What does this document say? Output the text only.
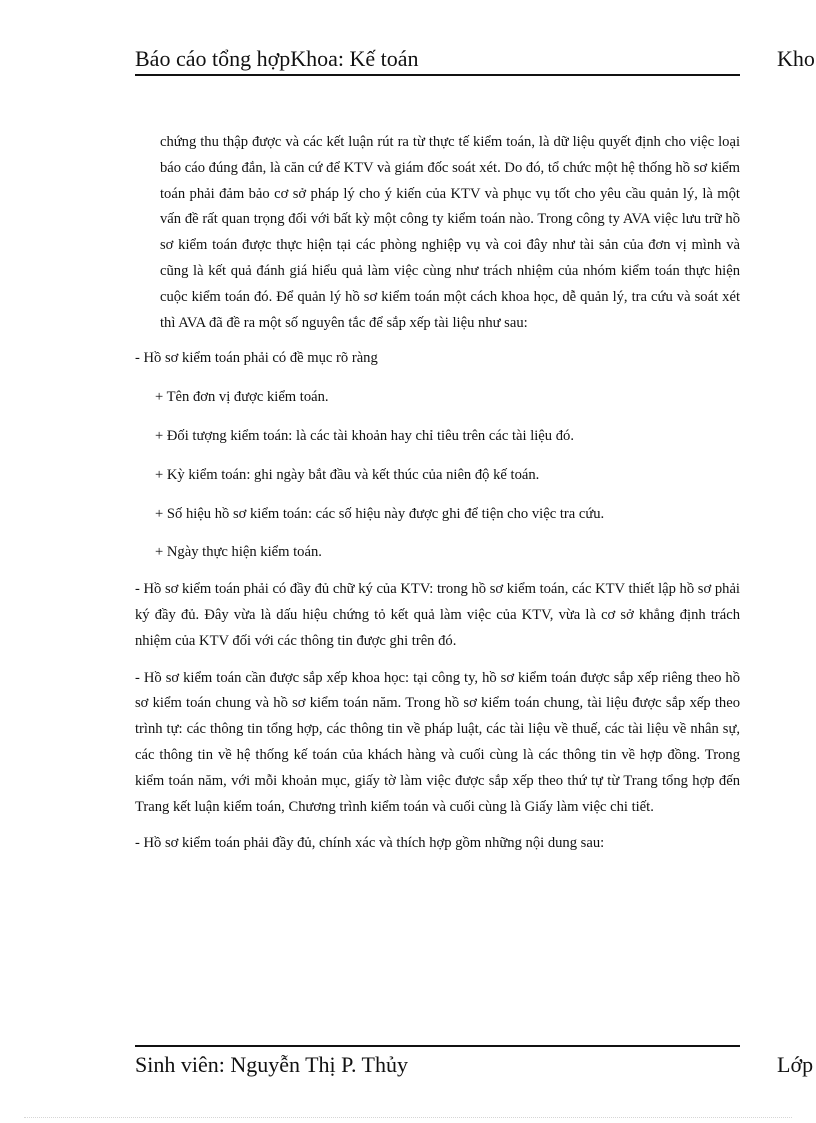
Báo cáo tổng hợpKhoa: Kế toán	Kho

chứng thu thập được và các kết luận rút ra từ thực tế kiểm toán, là dữ liệu quyết định cho việc loại báo cáo đúng đắn, là căn cứ để KTV và giám đốc soát xét. Do đó, tổ chức một hệ thống hồ sơ kiểm toán phải đảm bảo cơ sở pháp lý cho ý kiến của KTV và phục vụ tốt cho yêu cầu quản lý, là một vấn đề rất quan trọng đối với bất kỳ một công ty kiểm toán nào. Trong công ty AVA việc lưu trữ hồ sơ kiểm toán được thực hiện tại các phòng nghiệp vụ và coi đây như tài sản của đơn vị mình và cũng là kết quả đánh giá hiểu quả làm việc cùng như trách nhiệm của nhóm kiểm toán thực hiện cuộc kiểm toán đó. Để quản lý hồ sơ kiểm toán một cách khoa học, dễ quản lý, tra cứu và soát xét thì AVA đã đề ra một số nguyên tắc để sắp xếp tài liệu như sau:

- Hồ sơ kiểm toán phải có đề mục rõ ràng

+ Tên đơn vị được kiểm toán.

+ Đối tượng kiểm toán: là các tài khoản hay chỉ tiêu trên các tài liệu đó.

+ Kỳ kiểm toán: ghi ngày bắt đầu và kết thúc của niên độ kế toán.

+ Số hiệu hồ sơ kiểm toán: các số hiệu này được ghi để tiện cho việc tra cứu.

+ Ngày thực hiện kiểm toán.

- Hồ sơ kiểm toán phải có đầy đủ chữ ký của KTV: trong hồ sơ kiểm toán, các KTV thiết lập hồ sơ phải ký đầy đủ. Đây vừa là dấu hiệu chứng tỏ kết quả làm việc của KTV, vừa là cơ sở khẳng định trách nhiệm của KTV đối với các thông tin được ghi trên đó.

- Hồ sơ kiểm toán cần được sắp xếp khoa học: tại công ty, hồ sơ kiểm toán được sắp xếp riêng theo hồ sơ kiểm toán chung và hồ sơ kiểm toán năm. Trong hồ sơ kiểm toán chung, tài liệu được sắp xếp theo trình tự: các thông tin tổng hợp, các thông tin về pháp luật, các tài liệu về thuế, các tài liệu về nhân sự, các thông tin về hệ thống kế toán của khách hàng và cuối cùng là các thông tin về hợp đồng. Trong kiểm toán năm, với mỗi khoản mục, giấy tờ làm việc được sắp xếp theo thứ tự từ Trang tổng hợp đến Trang kết luận kiểm toán, Chương trình kiểm toán và cuối cùng là Giấy làm việc chi tiết.

- Hồ sơ kiểm toán phải đầy đủ, chính xác và thích hợp gồm những nội dung sau:

Sinh viên: Nguyễn Thị P. Thủy	Lớp
